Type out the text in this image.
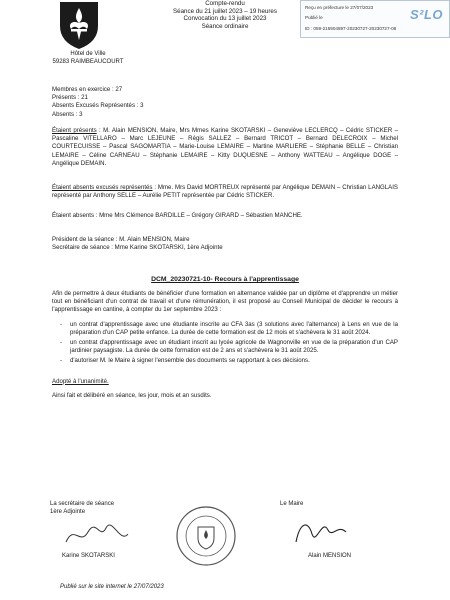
Hôtel de Ville
59283 RAIMBEAUCOURT
Compte-rendu
Séance du 21 juillet 2023 – 19 heures
Convocation du 13 juillet 2023
Séance ordinaire
Reçu en préfecture le 27/07/2023
Publié le
ID : 059-215904897-20230727-20230727-08
S²LO

Membres en exercice : 27

Présents : 21

Absents Excusés Représentés : 3

Absents : 3

Étaient présents : M. Alain MENSION, Maire, Mrs Mmes Karine SKOTARSKI – Geneviève LECLERCQ – Cédric STICKER – Pascaline VITELLARO – Marc LEJEUNE – Régis SALLEZ – Bernard TRICOT – Bernard DELECROIX – Michel COURTECUISSE – Pascal SAGOMARTIA – Marie-Louise LEMAIRE – Martine MARLIERE – Stéphanie BELLE – Christian LEMAIRE – Céline CARNEAU – Stéphanie LEMAIRE – Kitty DUQUESNE – Anthony WATTEAU – Angélique DOGE – Angélique DEMAIN.

Étaient absents excusés représentés : Mme. Mrs David MORTREUX représenté par Angélique DEMAIN – Christian LANGLAIS représenté par Anthony SELLE – Aurélie PETIT représentée par Cédric STICKER.

Étaient absents : Mme Mrs Clémence BARDILLE – Grégory GIRARD – Sébastien MANCHE.

Président de la séance : M. Alain MENSION, Maire

Secrétaire de séance : Mme Karine SKOTARSKI, 1ère Adjointe

DCM_20230721-10- Recours à l'apprentissage

Afin de permettre à deux étudiants de bénéficier d'une formation en alternance validée par un diplôme et d'apprendre un métier tout en bénéficiant d'un contrat de travail et d'une rémunération, il est proposé au Conseil Municipal de décider le recours à l'apprentissage en cantine, à compter du 1er septembre 2023 :

- un contrat d'apprentissage avec une étudiante inscrite au CFA 3as (3 solutions avec l'alternance) à Lens en vue de la préparation d'un CAP petite enfance. La durée de cette formation est de 12 mois et s'achèvera le 31 août 2024.
- un contrat d'apprentissage avec un étudiant inscrit au lycée agricole de Wagnonville en vue de la préparation d'un CAP jardinier paysagiste. La durée de cette formation est de 2 ans et s'achèvera le 31 août 2025.
- d'autoriser M. le Maire à signer l'ensemble des documents se rapportant à ces décisions.

Adopté à l'unanimité.

Ainsi fait et délibéré en séance, les jour, mois et an susdits.

La secrétaire de séance
1ère Adjointe
Karine SKOTARSKI
Le Maire
Alain MENSION
Publié sur le site internet le 27/07/2023
